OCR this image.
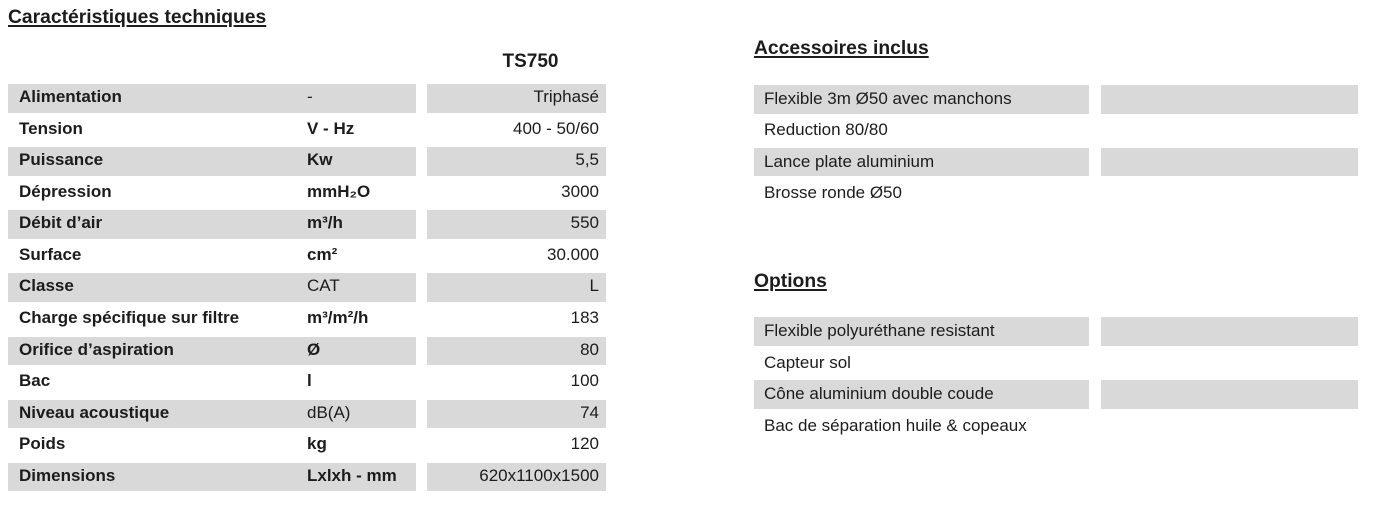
Caractéristiques techniques
TS750
Alimentation	-	Triphasé
Tension	V - Hz	400 - 50/60
Puissance	Kw	5,5
Dépression	mmH₂O	3000
Débit d’air	m³/h	550
Surface	cm²	30.000
Classe	CAT	L
Charge spécifique sur filtre	m³/m²/h	183
Orifice d’aspiration	Ø	80
Bac	l	100
Niveau acoustique	dB(A)	74
Poids	kg	120
Dimensions	Lxlxh - mm	620x1100x1500
Accessoires inclus
Flexible 3m Ø50 avec manchons
Reduction 80/80
Lance plate aluminium
Brosse ronde Ø50
Options
Flexible polyuréthane resistant
Capteur sol
Cône aluminium double coude
Bac de séparation huile & copeaux
